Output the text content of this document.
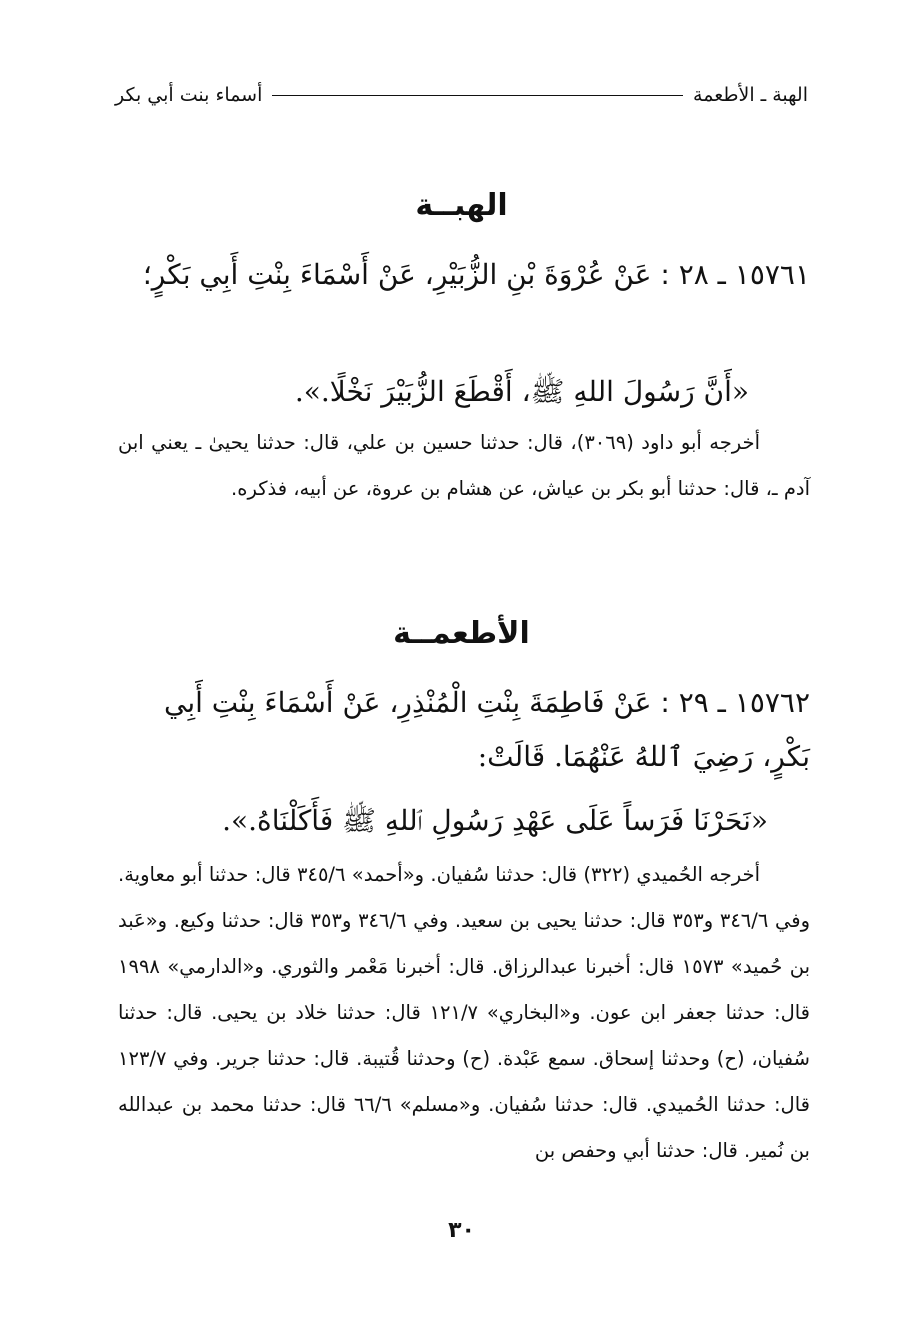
الهبة ـ الأطعمة
أسماء بنت أبي بكر
الهبــة
١٥٧٦١ ـ ٢٨ : عَنْ عُرْوَةَ بْنِ الزُّبَيْرِ، عَنْ أَسْمَاءَ بِنْتِ أَبِي بَكْرٍ؛
«أَنَّ رَسُولَ اللهِ ﷺ، أَقْطَعَ الزُّبَيْرَ نَخْلًا.».
أخرجه أبو داود (٣٠٦٩)، قال: حدثنا حسين بن علي، قال: حدثنا يحيىٰ ـ يعني ابن آدم ـ، قال: حدثنا أبو بكر بن عياش، عن هشام بن عروة، عن أبيه، فذكره.
الأطعمــة
١٥٧٦٢ ـ ٢٩ : عَنْ فَاطِمَةَ بِنْتِ الْمُنْذِرِ، عَنْ أَسْمَاءَ بِنْتِ أَبِي بَكْرٍ، رَضِيَ ٱللهُ عَنْهُمَا. قَالَتْ:
«نَحَرْنَا فَرَساً عَلَى عَهْدِ رَسُولِ ٱللهِ ﷺ فَأَكَلْنَاهُ.».
أخرجه الحُميدي (٣٢٢) قال: حدثنا سُفيان. و«أحمد» ٣٤٥/٦ قال: حدثنا أبو معاوية. وفي ٣٤٦/٦ و٣٥٣ قال: حدثنا يحيى بن سعيد. وفي ٣٤٦/٦ و٣٥٣ قال: حدثنا وكيع. و«عَبد بن حُميد» ١٥٧٣ قال: أخبرنا عبدالرزاق. قال: أخبرنا مَعْمر والثوري. و«الدارمي» ١٩٩٨ قال: حدثنا جعفر ابن عون. و«البخاري» ١٢١/٧ قال: حدثنا خلاد بن يحيى. قال: حدثنا سُفيان، (ح) وحدثنا إسحاق. سمع عَبْدة. (ح) وحدثنا قُتيبة. قال: حدثنا جرير. وفي ١٢٣/٧ قال: حدثنا الحُميدي. قال: حدثنا سُفيان. و«مسلم» ٦٦/٦ قال: حدثنا محمد بن عبدالله بن نُمير. قال: حدثنا أبي وحفص بن
٣٠
